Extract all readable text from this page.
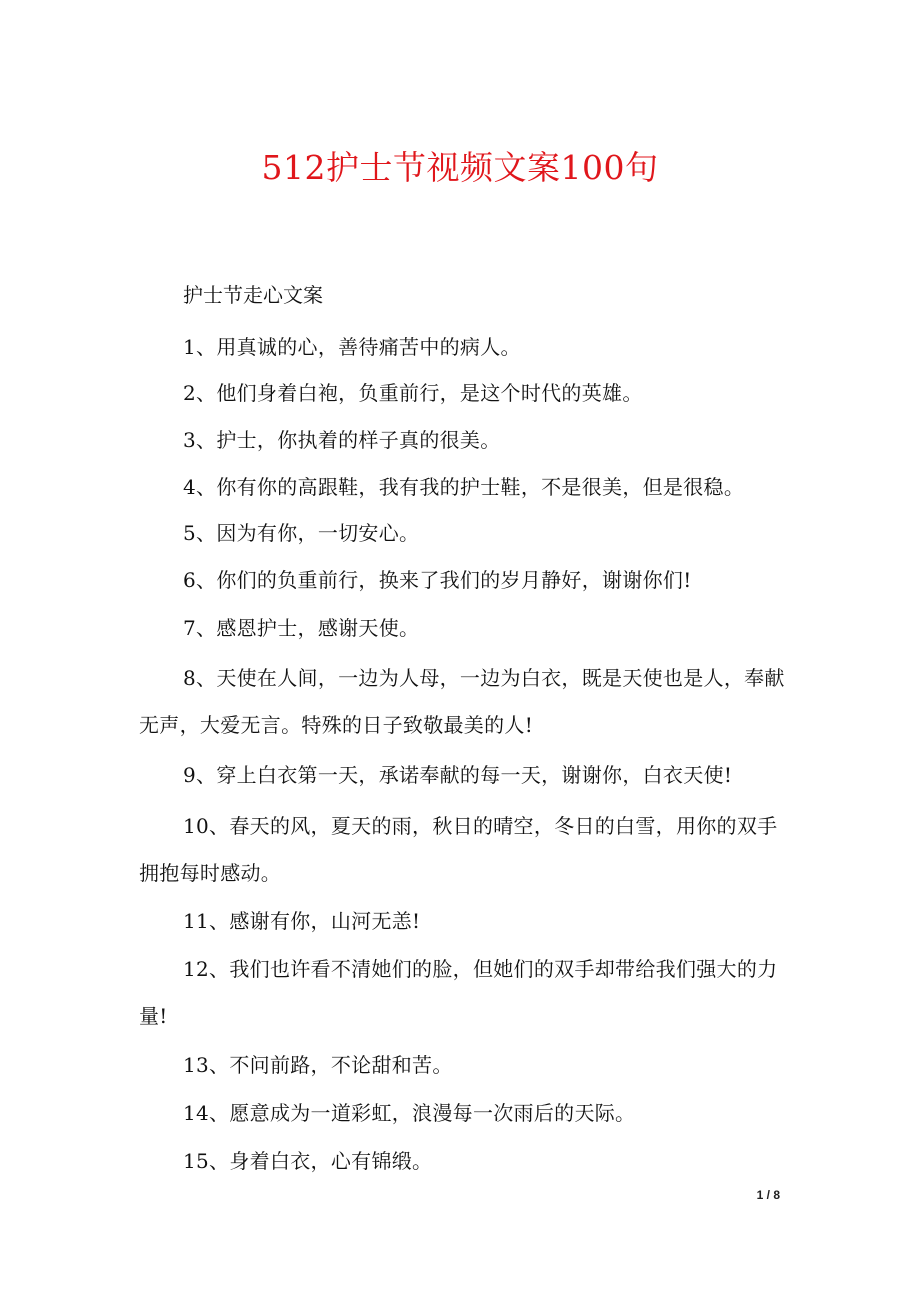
512护士节视频文案100句
护士节走心文案
1、用真诚的心，善待痛苦中的病人。
2、他们身着白袍，负重前行，是这个时代的英雄。
3、护士，你执着的样子真的很美。
4、你有你的高跟鞋，我有我的护士鞋，不是很美，但是很稳。
5、因为有你，一切安心。
6、你们的负重前行，换来了我们的岁月静好，谢谢你们!
7、感恩护士，感谢天使。
8、天使在人间，一边为人母，一边为白衣，既是天使也是人，奉献无声，大爱无言。特殊的日子致敬最美的人!
9、穿上白衣第一天，承诺奉献的每一天，谢谢你，白衣天使!
10、春天的风，夏天的雨，秋日的晴空，冬日的白雪，用你的双手拥抱每时感动。
11、感谢有你，山河无恙!
12、我们也许看不清她们的脸，但她们的双手却带给我们强大的力量!
13、不问前路，不论甜和苦。
14、愿意成为一道彩虹，浪漫每一次雨后的天际。
15、身着白衣，心有锦缎。
1 / 8
